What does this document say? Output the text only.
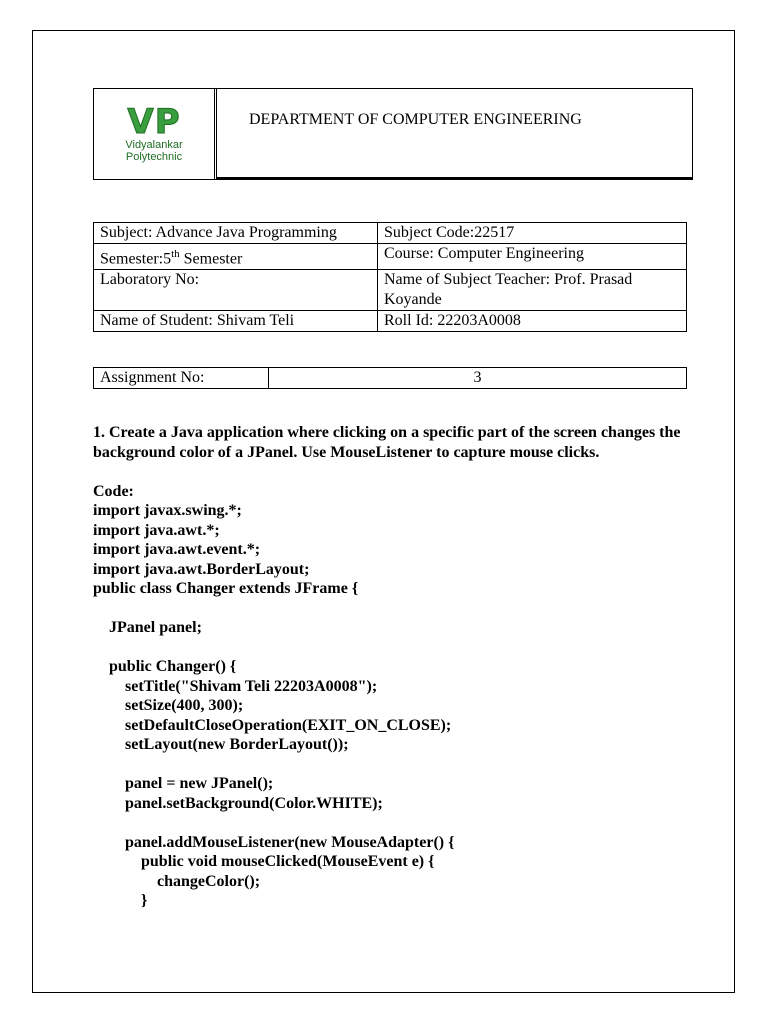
VP
Vidyalankar
Polytechnic
DEPARTMENT OF COMPUTER ENGINEERING
Subject: Advance Java Programming	Subject Code:22517
Semester:5th Semester	Course: Computer Engineering
Laboratory No:	Name of Subject Teacher: Prof. Prasad Koyande
Name of Student: Shivam Teli	Roll Id: 22203A0008
Assignment No:	3

1. Create a Java application where clicking on a specific part of the screen changes the background color of a JPanel. Use MouseListener to capture mouse clicks.

Code:
import javax.swing.*;
import java.awt.*;
import java.awt.event.*;
import java.awt.BorderLayout;
public class Changer extends JFrame {
JPanel panel;
public Changer() {
setTitle("Shivam Teli 22203A0008");
setSize(400, 300);
setDefaultCloseOperation(EXIT_ON_CLOSE);
setLayout(new BorderLayout());
panel = new JPanel();
panel.setBackground(Color.WHITE);
panel.addMouseListener(new MouseAdapter() {
public void mouseClicked(MouseEvent e) {
changeColor();
}
